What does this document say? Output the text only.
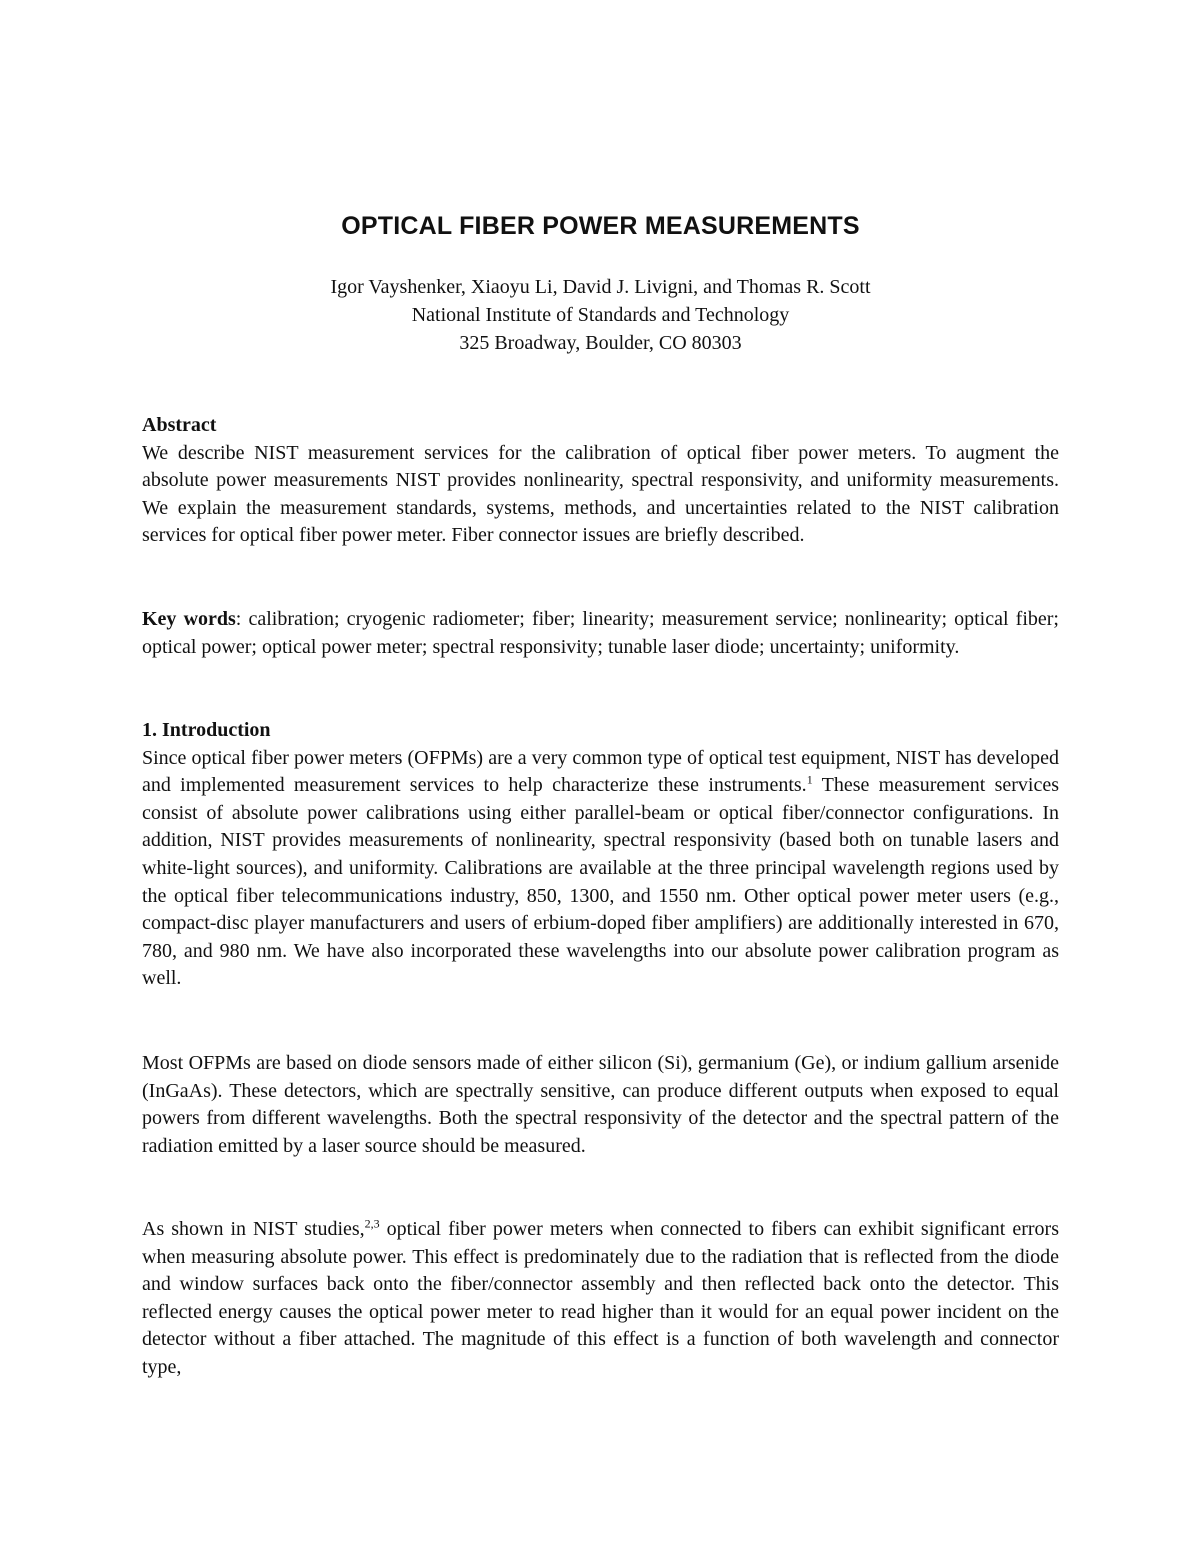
OPTICAL FIBER POWER MEASUREMENTS
Igor Vayshenker, Xiaoyu Li, David J. Livigni, and Thomas R. Scott
National Institute of Standards and Technology
325 Broadway, Boulder, CO 80303

Abstract

We describe NIST measurement services for the calibration of optical fiber power meters. To augment the absolute power measurements NIST provides nonlinearity, spectral responsivity, and uniformity measurements. We explain the measurement standards, systems, methods, and uncertainties related to the NIST calibration services for optical fiber power meter. Fiber connector issues are briefly described.

Key words: calibration; cryogenic radiometer; fiber; linearity; measurement service; nonlinearity; optical fiber; optical power; optical power meter; spectral responsivity; tunable laser diode; uncertainty; uniformity.

1. Introduction

Since optical fiber power meters (OFPMs) are a very common type of optical test equipment, NIST has developed and implemented measurement services to help characterize these instruments.$^1$ These measurement services consist of absolute power calibrations using either parallel-beam or optical fiber/connector configurations. In addition, NIST provides measurements of nonlinearity, spectral responsivity (based both on tunable lasers and white-light sources), and uniformity. Calibrations are available at the three principal wavelength regions used by the optical fiber telecommunications industry, 850, 1300, and 1550 nm. Other optical power meter users (e.g., compact-disc player manufacturers and users of erbium-doped fiber amplifiers) are additionally interested in 670, 780, and 980 nm. We have also incorporated these wavelengths into our absolute power calibration program as well.

Most OFPMs are based on diode sensors made of either silicon (Si), germanium (Ge), or indium gallium arsenide (InGaAs). These detectors, which are spectrally sensitive, can produce different outputs when exposed to equal powers from different wavelengths. Both the spectral responsivity of the detector and the spectral pattern of the radiation emitted by a laser source should be measured.

As shown in NIST studies,$^{2,3}$ optical fiber power meters when connected to fibers can exhibit significant errors when measuring absolute power. This effect is predominately due to the radiation that is reflected from the diode and window surfaces back onto the fiber/connector assembly and then reflected back onto the detector. This reflected energy causes the optical power meter to read higher than it would for an equal power incident on the detector without a fiber attached. The magnitude of this effect is a function of both wavelength and connector type,
